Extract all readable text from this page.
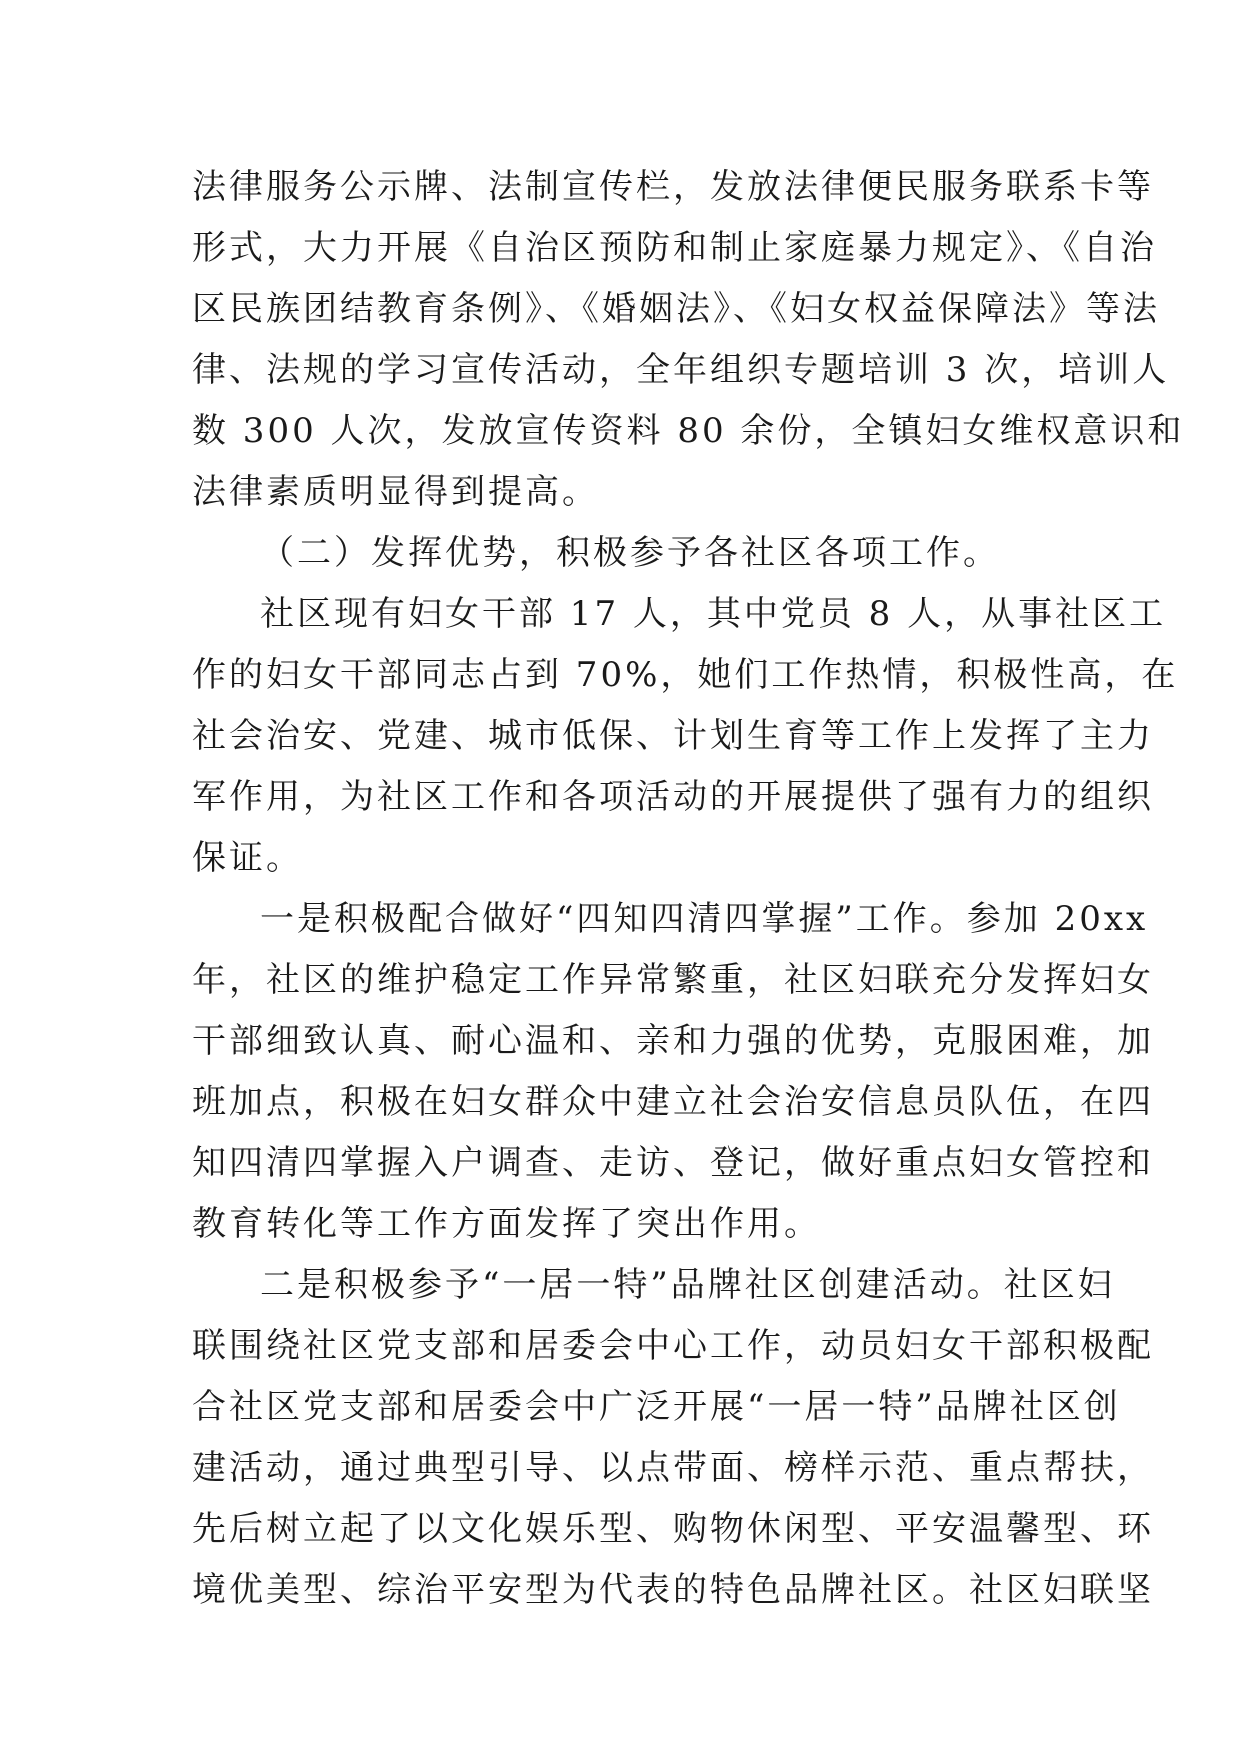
法律服务公示牌、法制宣传栏，发放法律便民服务联系卡等
形式，大力开展《自治区预防和制止家庭暴力规定》、《自治
区民族团结教育条例》、《婚姻法》、《妇女权益保障法》等法
律、法规的学习宣传活动，全年组织专题培训 3 次，培训人
数 300 人次，发放宣传资料 80 余份，全镇妇女维权意识和
法律素质明显得到提高。
（二）发挥优势，积极参予各社区各项工作。
社区现有妇女干部 17 人，其中党员 8 人，从事社区工
作的妇女干部同志占到 70%，她们工作热情，积极性高，在
社会治安、党建、城市低保、计划生育等工作上发挥了主力
军作用，为社区工作和各项活动的开展提供了强有力的组织
保证。
一是积极配合做好“四知四清四掌握”工作。参加 20xx
年，社区的维护稳定工作异常繁重，社区妇联充分发挥妇女
干部细致认真、耐心温和、亲和力强的优势，克服困难，加
班加点，积极在妇女群众中建立社会治安信息员队伍，在四
知四清四掌握入户调查、走访、登记，做好重点妇女管控和
教育转化等工作方面发挥了突出作用。
二是积极参予“一居一特”品牌社区创建活动。社区妇
联围绕社区党支部和居委会中心工作，动员妇女干部积极配
合社区党支部和居委会中广泛开展“一居一特”品牌社区创
建活动，通过典型引导、以点带面、榜样示范、重点帮扶，
先后树立起了以文化娱乐型、购物休闲型、平安温馨型、环
境优美型、综治平安型为代表的特色品牌社区。社区妇联坚
